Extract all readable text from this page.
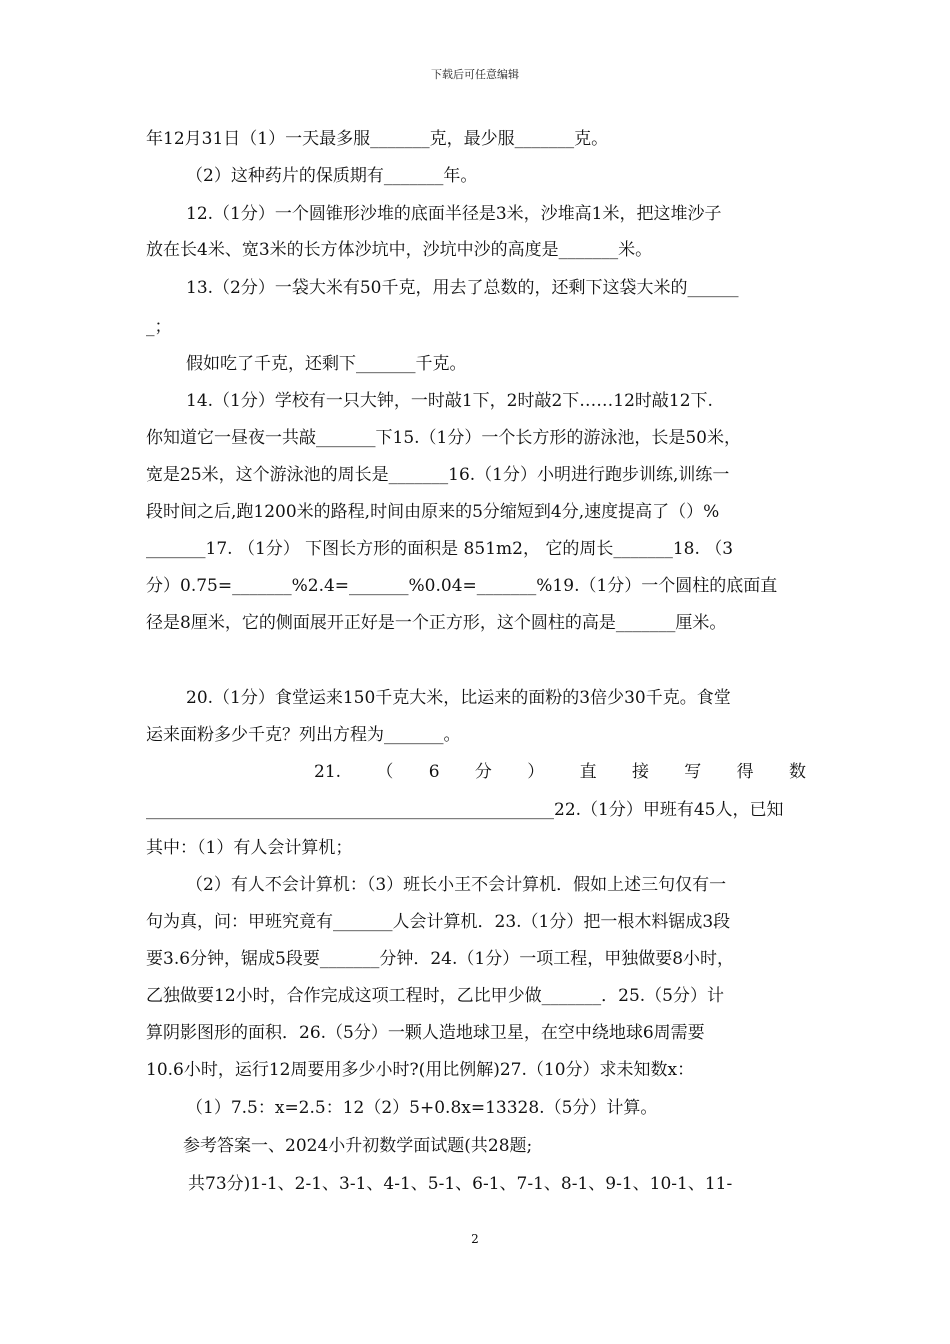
下载后可任意编辑
年12月31日（1）一天最多服_______克，最少服_______克。
（2）这种药片的保质期有_______年。
12.（1分）一个圆锥形沙堆的底面半径是3米，沙堆高1米，把这堆沙子
放在长4米、宽3米的长方体沙坑中，沙坑中沙的高度是_______米。
13.（2分）一袋大米有50千克，用去了总数的，还剩下这袋大米的______
_；
假如吃了千克，还剩下_______千克。
14.（1分）学校有一只大钟，一时敲1下，2时敲2下……12时敲12下.
你知道它一昼夜一共敲_______下15.（1分）一个长方形的游泳池，长是50米，
宽是25米，这个游泳池的周长是_______16.（1分）小明进行跑步训练,训练一
段时间之后,跑1200米的路程,时间由原来的5分缩短到4分,速度提高了（）%
_______17. （1分） 下图长方形的面积是 851m2， 它的周长_______18. （3
分）0.75=_______%2.4=_______%0.04=_______%19.（1分）一个圆柱的底面直
径是8厘米，它的侧面展开正好是一个正方形，这个圆柱的高是_______厘米。
20.（1分）食堂运来150千克大米，比运来的面粉的3倍少30千克。食堂
运来面粉多少千克？列出方程为_______。
21. （ 6 分 ） 直 接 写 得 数
________________________________________________22.（1分）甲班有45人，已知
其中：（1）有人会计算机；
（2）有人不会计算机：（3）班长小王不会计算机．假如上述三句仅有一
句为真，问：甲班究竟有_______人会计算机．23.（1分）把一根木料锯成3段
要3.6分钟，锯成5段要_______分钟．24.（1分）一项工程，甲独做要8小时，
乙独做要12小时，合作完成这项工程时，乙比甲少做_______．25.（5分）计
算阴影图形的面积．26.（5分）一颗人造地球卫星，在空中绕地球6周需要
10.6小时，运行12周要用多少小时?(用比例解)27.（10分）求未知数x：
（1）7.5：x=2.5：12（2）5+0.8x=13328.（5分）计算。
参考答案一、2024小升初数学面试题(共28题;
共73分)1-1、2-1、3-1、4-1、5-1、6-1、7-1、8-1、9-1、10-1、11-
2
